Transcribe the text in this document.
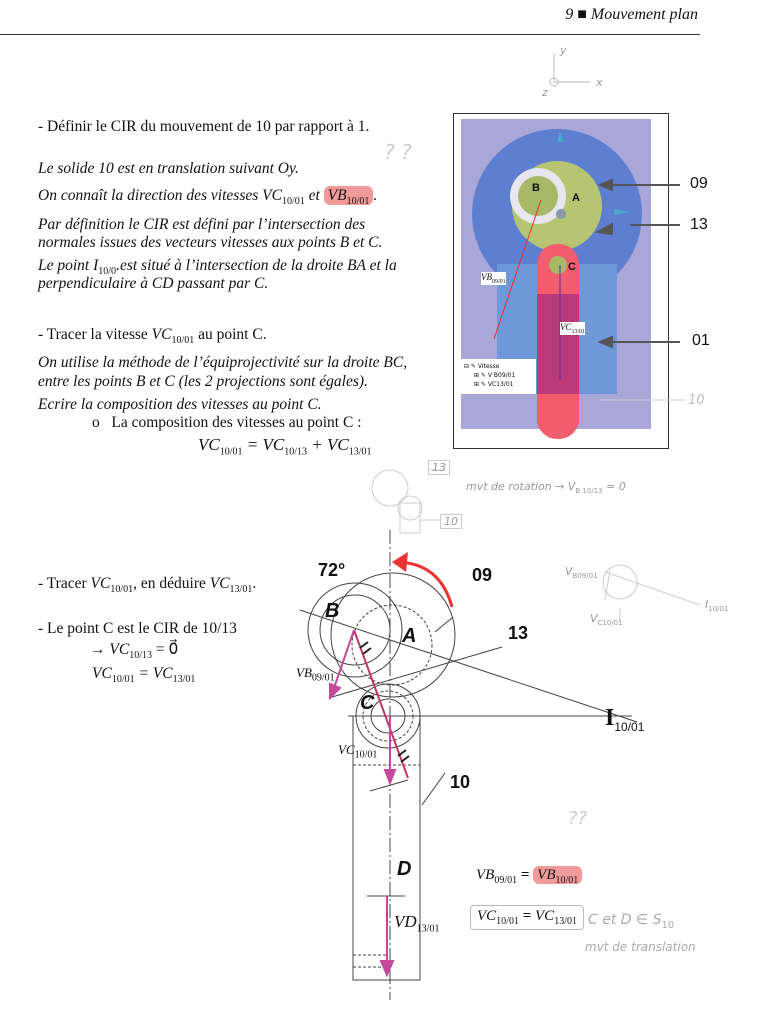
9 ■ Mouvement plan
y
x
z
- Définir le CIR du mouvement de 10 par rapport à 1.
? ?
Le solide 10 est en translation suivant Oy.
On connaît la direction des vitesses $VC_{10/01}$ et $VB_{10/01}$ .
Par définition le CIR est défini par l’intersection des
normales issues des vecteurs vitesses aux points B et C.
Le point $I_{10/0}.est$ situé à l’intersection de la droite BA et la
perpendiculaire à CD passant par C.
- Tracer la vitesse $VC_{10/01}$ au point C.
On utilise la méthode de l’équiprojectivité sur la droite BC,
entre les points B et C (les 2 projections sont égales).
Ecrire la composition des vitesses au point C.
o La composition des vitesses au point C :
$VC_{10/01} = VC_{10/13} + VC_{13/01}$
B
A
C
$VB_{09/01}$
$VC_{13/01}$
⊟ ✎ Vitesse
⊞ ✎ V B09/01
⊞ ✎ VC13/01
09
13
01
10
13
10
mvt de rotation → $V_{B 10/13} = 0$
- Tracer $VC_{10/01}$, en déduire $VC_{13/01}$.
- Le point C est le CIR de 10/13
→ $VC_{10/13}$ = 0⃗
$VC_{10/01} = VC_{13/01}$
72°	09
13
10
B
A
C
D
$I_{10/01}$
$VB_{09/01}$
$VC_{10/01}$
$VD_{13/01}$
$V_{B09/01}$
$V_{C10/01}$
$I_{10/01}$
??
$VB_{09/01} = VB_{10/01}$
$VC_{10/01} = VC_{13/01}$ C et D ∈ $S_{10}$
mvt de translation
